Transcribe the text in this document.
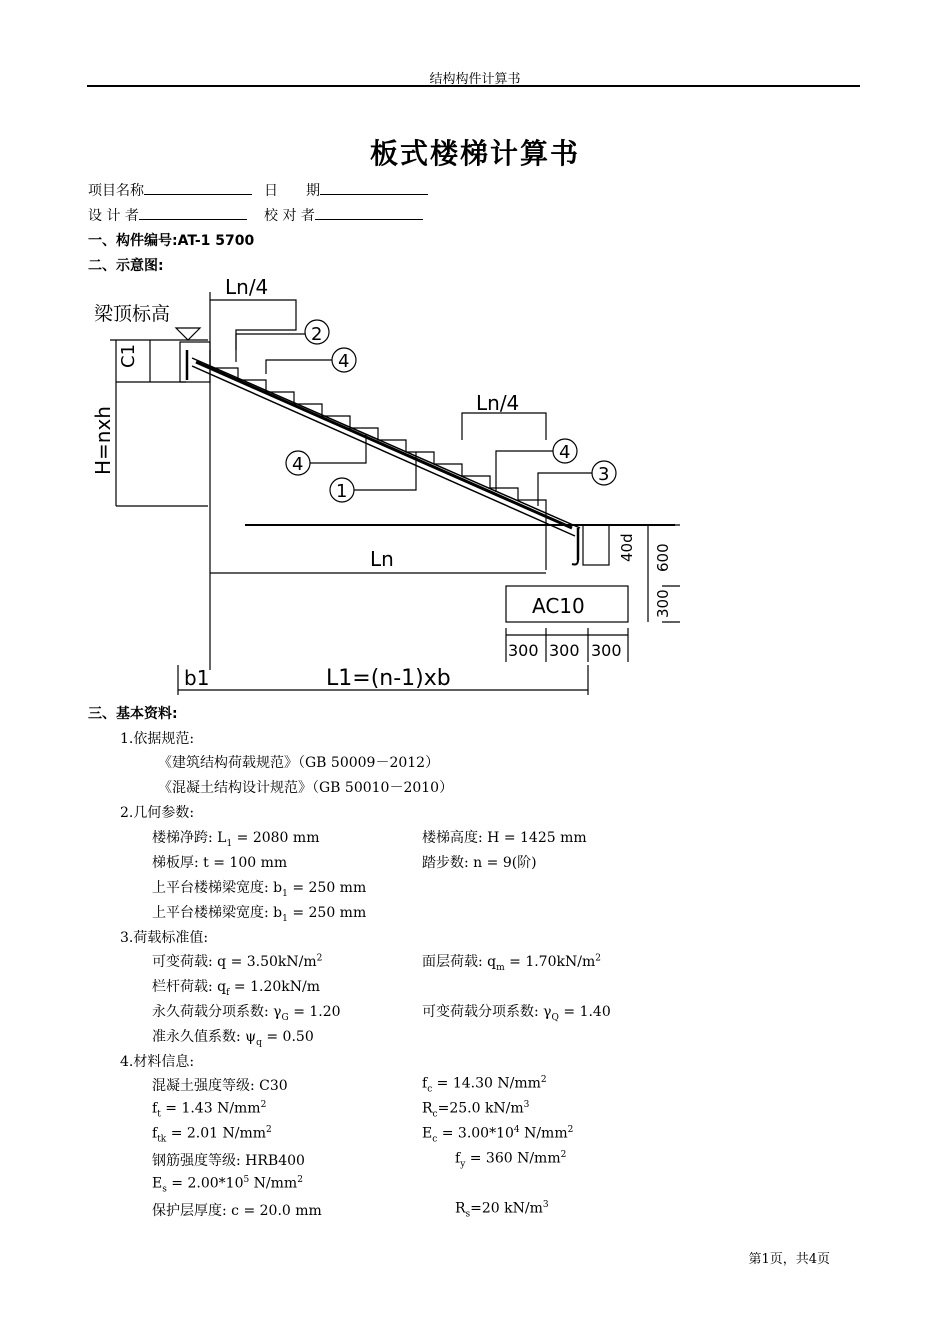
结构构件计算书
板式楼梯计算书
项目名称	日　　期
设 计 者	校 对 者
一、构件编号:AT-1 5700
二、示意图:
梁顶标高
Ln/4
C1
H=nxh
Ln
Ln/4
2
4
4
1
4
3
40d 600
300
AC10
300 300 300
b1	L1=(n-1)xb
三、基本资料:
1.依据规范:
《建筑结构荷载规范》（GB 50009－2012）
《混凝土结构设计规范》（GB 50010－2010）
2.几何参数:
楼梯净跨: $L_1 = 2080$ mm	楼梯高度: H = 1425 mm
梯板厚: t = 100 mm	踏步数: n = 9(阶)
上平台楼梯梁宽度: $b_1 = 250$ mm
上平台楼梯梁宽度: $b_1 = 250$ mm
3.荷载标准值:
可变荷载: $q = 3.50kN/m^2$	面层荷载: $q_m = 1.70kN/m^2$
栏杆荷载: $q_f = 1.20kN/m$
永久荷载分项系数: $\gamma_G = 1.20$	可变荷载分项系数: $\gamma_Q = 1.40$
准永久值系数: $\psi_q = 0.50$
4.材料信息:
混凝土强度等级: C30	$f_c = 14.30$ $N/mm^2$
$f_t = 1.43$ $N/mm^2$	$R_c=25.0$ $kN/m^3$
$f_{tk} = 2.01$ $N/mm^2$	$E_c = 3.00*10^4$ $N/mm^2$
钢筋强度等级: HRB400	$f_y = 360$ $N/mm^2$
$E_s = 2.00*10^5$ $N/mm^2$
保护层厚度: c = 20.0 mm	$R_s=20$ $kN/m^3$
第1页，共4页
